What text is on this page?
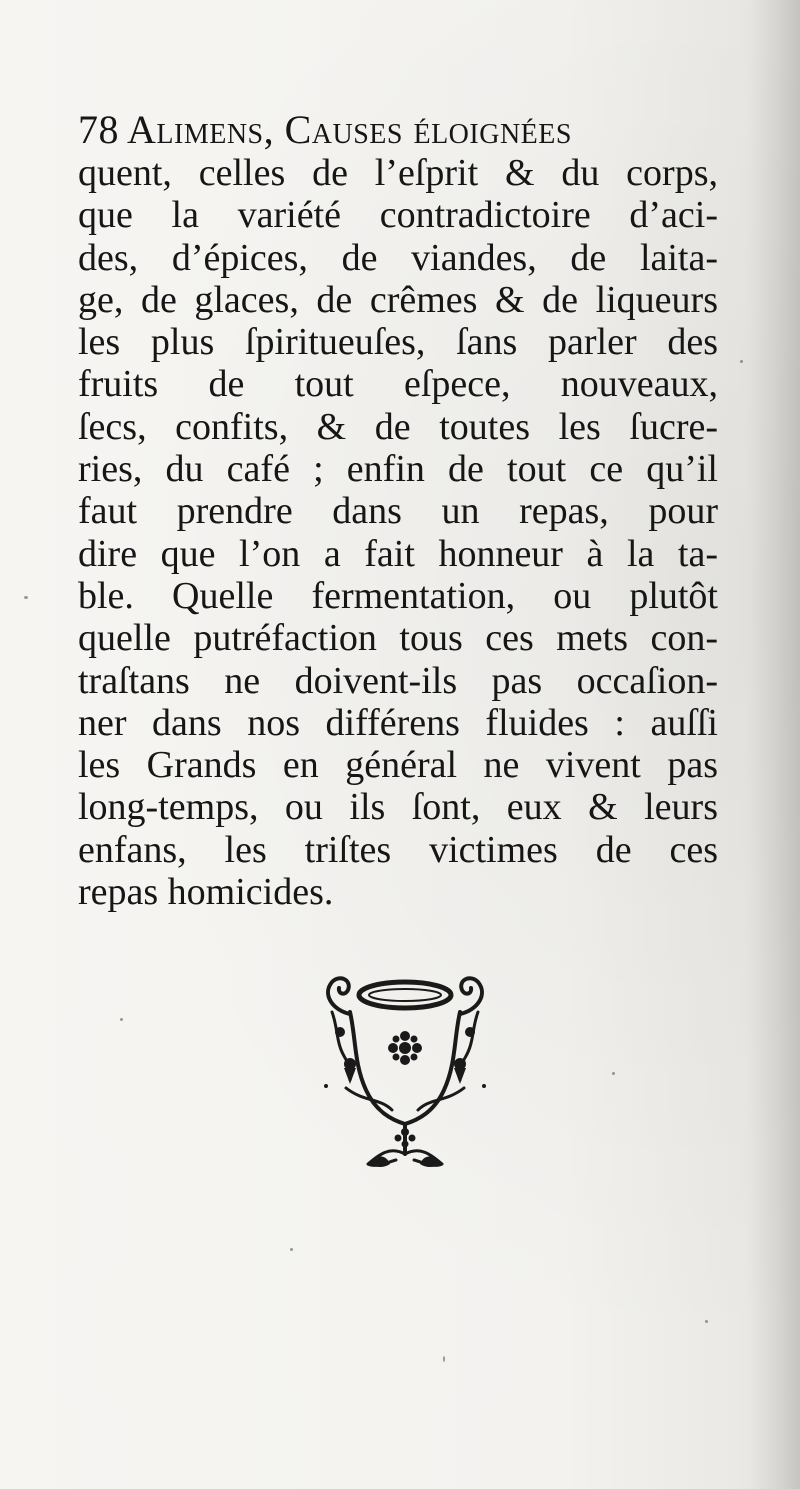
78 Alimens, Causes éloignées
quent, celles de l’eſprit & du corps,
que la variété contradictoire d’aci-
des, d’épices, de viandes, de laita-
ge, de glaces, de crêmes & de liqueurs
les plus ſpiritueuſes, ſans parler des
fruits de tout eſpece, nouveaux,
ſecs, confits, & de toutes les ſucre-
ries, du café ; enfin de tout ce qu’il
faut prendre dans un repas, pour
dire que l’on a fait honneur à la ta-
ble. Quelle fermentation, ou plutôt
quelle putréfaction tous ces mets con-
traſtans ne doivent-ils pas occaſion-
ner dans nos différens fluides : auſſi
les Grands en général ne vivent pas
long-temps, ou ils ſont, eux & leurs
enfans, les triſtes victimes de ces
repas homicides.
